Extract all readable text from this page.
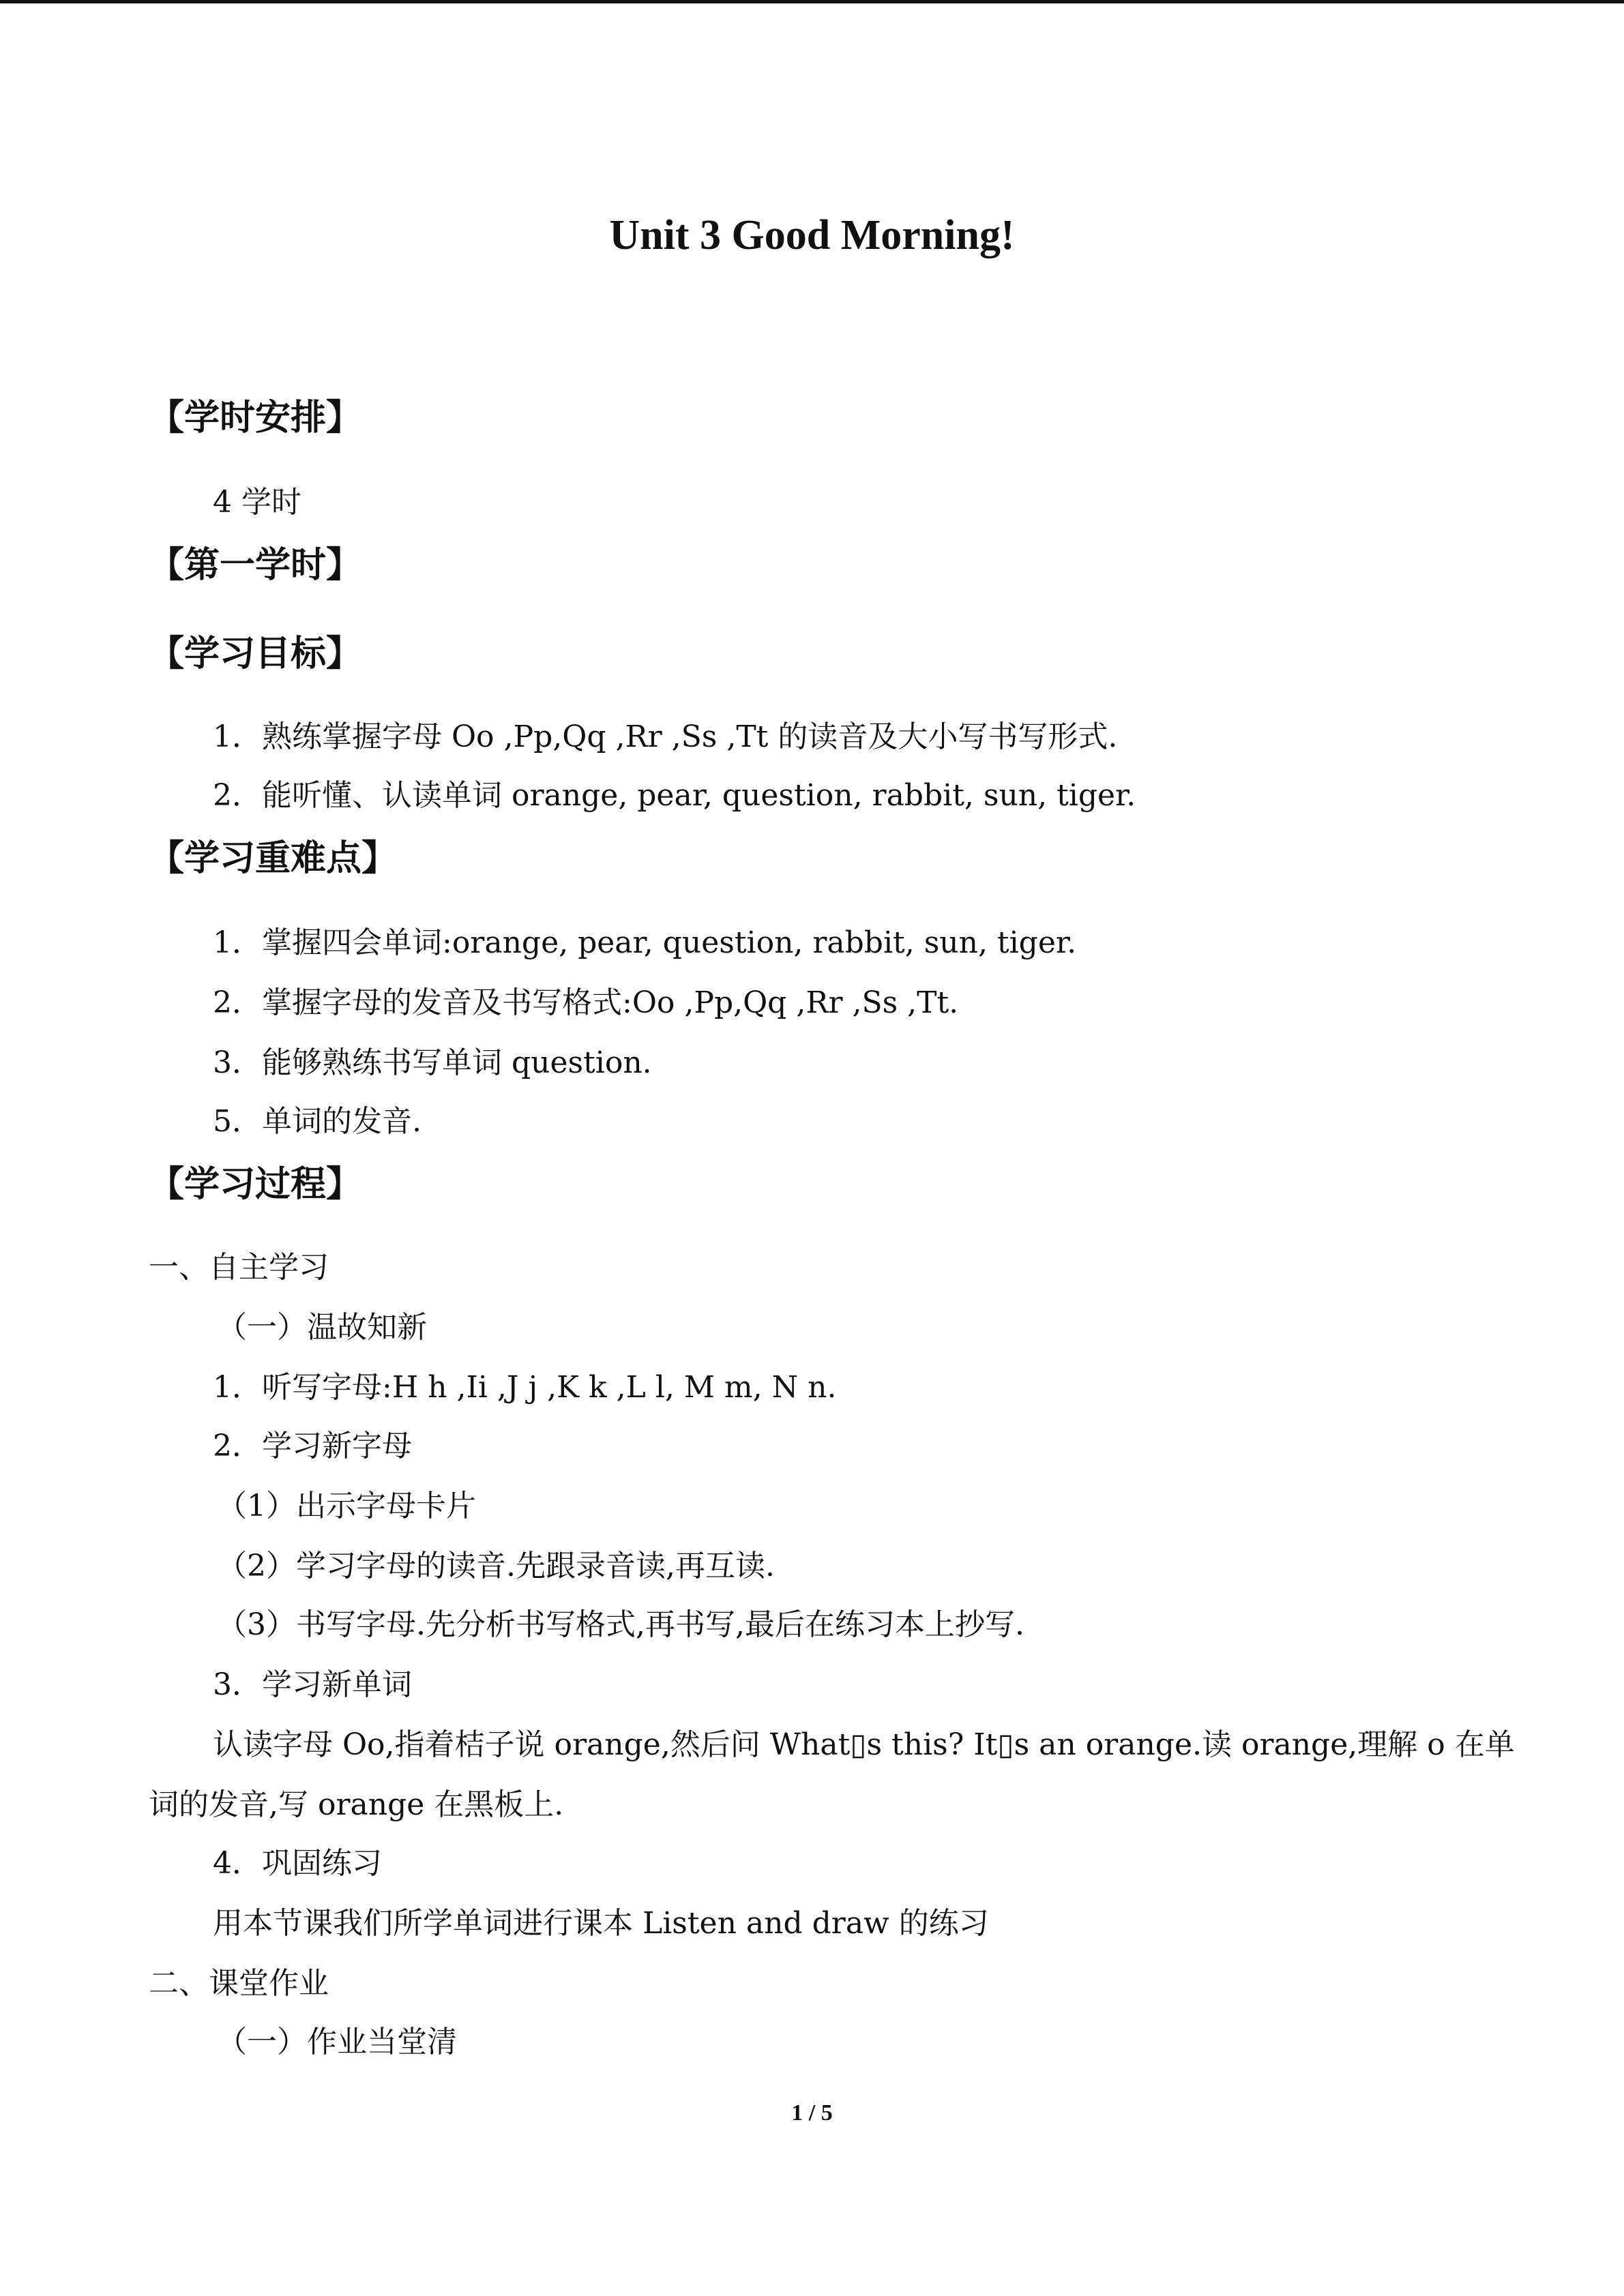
Unit 3 Good Morning!
【学时安排】
4 学时
【第一学时】
【学习目标】
1．熟练掌握字母 Oo ,Pp,Qq ,Rr ,Ss ,Tt 的读音及大小写书写形式.
2．能听懂、认读单词 orange, pear, question, rabbit, sun, tiger.
【学习重难点】
1．掌握四会单词:orange, pear, question, rabbit, sun, tiger.
2．掌握字母的发音及书写格式:Oo ,Pp,Qq ,Rr ,Ss ,Tt.
3．能够熟练书写单词 question.
5．单词的发音.
【学习过程】
一、自主学习
（一）温故知新
1．听写字母:H h ,Ii ,J j ,K k ,L l, M m, N n.
2．学习新字母
（1）出示字母卡片
（2）学习字母的读音.先跟录音读,再互读.
（3）书写字母.先分析书写格式,再书写,最后在练习本上抄写.
3．学习新单词
认读字母 Oo,指着桔子说 orange,然后问 What▯s this? It▯s an orange.读 orange,理解 o 在单
词的发音,写 orange 在黑板上.
4．巩固练习
用本节课我们所学单词进行课本 Listen and draw 的练习
二、课堂作业
（一）作业当堂清
1 / 5
